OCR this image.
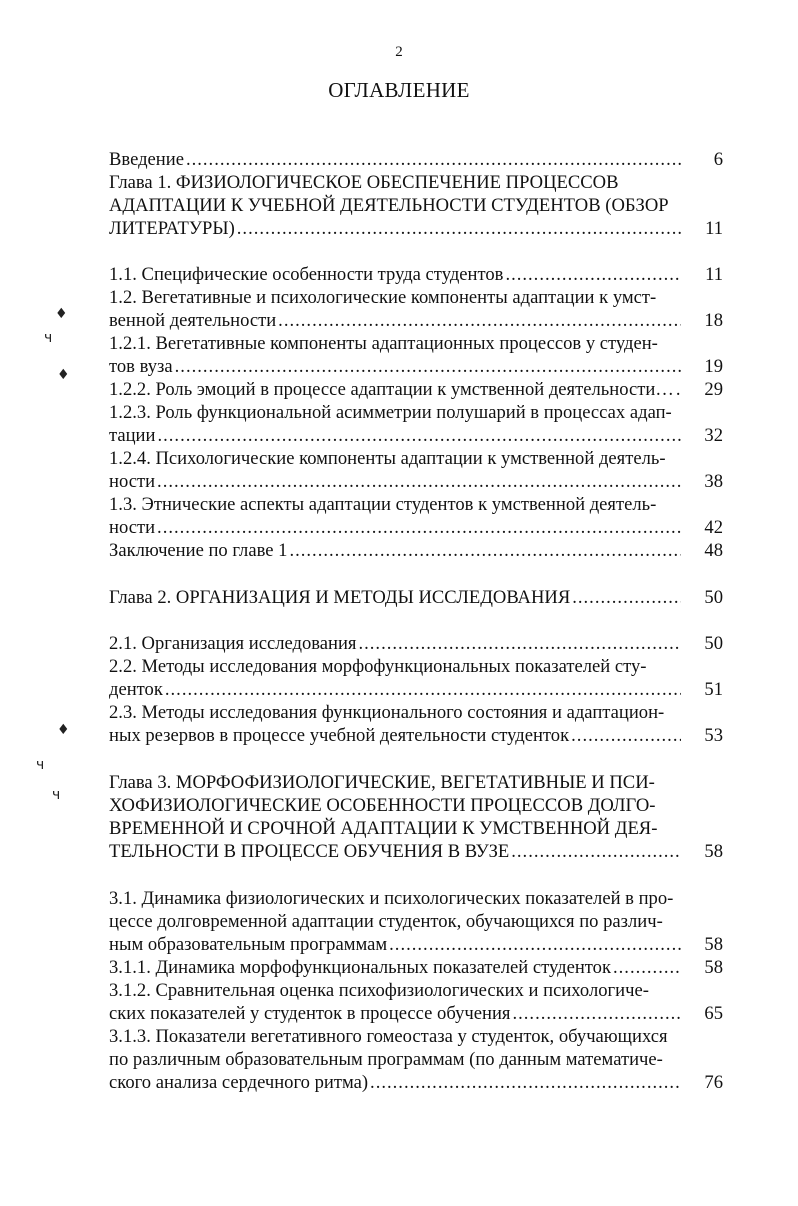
2
ОГЛАВЛЕНИЕ
♦
ч
♦
♦
ч
ч
Введение .....	6
Глава 1. ФИЗИОЛОГИЧЕСКОЕ ОБЕСПЕЧЕНИЕ ПРОЦЕССОВ
АДАПТАЦИИ К УЧЕБНОЙ ДЕЯТЕЛЬНОСТИ СТУДЕНТОВ (ОБЗОР
ЛИТЕРАТУРЫ) .....	11
1.1. Специфические особенности труда студентов .....	11
1.2. Вегетативные и психологические компоненты адаптации к умст-
венной деятельности .....	18
1.2.1. Вегетативные компоненты адаптационных процессов у студен-
тов вуза .....	19
1.2.2. Роль эмоций в процессе адаптации к умственной деятельности… .....	29
1.2.3. Роль функциональной асимметрии полушарий в процессах адап-
тации .....	32
1.2.4. Психологические компоненты адаптации к умственной деятель-
ности .....	38
1.3. Этнические аспекты адаптации студентов к умственной деятель-
ности .....	42
Заключение по главе 1 .....	48
Глава 2. ОРГАНИЗАЦИЯ И МЕТОДЫ ИССЛЕДОВАНИЯ .....	50
2.1. Организация исследования .....	50
2.2. Методы исследования морфофункциональных показателей сту-
денток .....	51
2.3. Методы исследования функционального состояния и адаптацион-
ных резервов в процессе учебной деятельности студенток .....	53
Глава 3. МОРФОФИЗИОЛОГИЧЕСКИЕ, ВЕГЕТАТИВНЫЕ И ПСИ-
ХОФИЗИОЛОГИЧЕСКИЕ ОСОБЕННОСТИ ПРОЦЕССОВ ДОЛГО-
ВРЕМЕННОЙ И СРОЧНОЙ АДАПТАЦИИ К УМСТВЕННОЙ ДЕЯ-
ТЕЛЬНОСТИ В ПРОЦЕССЕ ОБУЧЕНИЯ В ВУЗЕ .....	58
3.1. Динамика физиологических и психологических показателей в про-
цессе долговременной адаптации студенток, обучающихся по различ-
ным образовательным программам .....	58
3.1.1. Динамика морфофункциональных показателей студенток .....	58
3.1.2. Сравнительная оценка психофизиологических и психологиче-
ских показателей у студенток в процессе обучения .....	65
3.1.3. Показатели вегетативного гомеостаза у студенток, обучающихся
по различным образовательным программам (по данным математиче-
ского анализа сердечного ритма) .....	76
